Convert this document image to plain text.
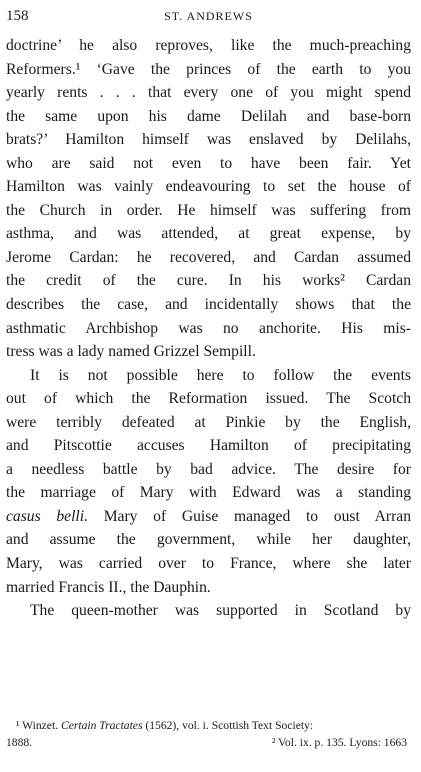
158	ST. ANDREWS
doctrine’ he also reproves, like the much-preaching
Reformers.¹ ‘Gave the princes of the earth to you
yearly rents . . . that every one of you might spend
the same upon his dame Delilah and base-born
brats?’ Hamilton himself was enslaved by Delilahs,
who are said not even to have been fair. Yet
Hamilton was vainly endeavouring to set the house of
the Church in order. He himself was suffering from
asthma, and was attended, at great expense, by
Jerome Cardan: he recovered, and Cardan assumed
the credit of the cure. In his works² Cardan
describes the case, and incidentally shows that the
asthmatic Archbishop was no anchorite. His mis-
tress was a lady named Grizzel Sempill.
It is not possible here to follow the events
out of which the Reformation issued. The Scotch
were terribly defeated at Pinkie by the English,
and Pitscottie accuses Hamilton of precipitating
a needless battle by bad advice. The desire for
the marriage of Mary with Edward was a standing
casus belli. Mary of Guise managed to oust Arran
and assume the government, while her daughter,
Mary, was carried over to France, where she later
married Francis II., the Dauphin.
The queen-mother was supported in Scotland by
¹ Winzet. Certain Tractates (1562), vol. i. Scottish Text Society:
1888.	² Vol. ix. p. 135. Lyons: 1663
